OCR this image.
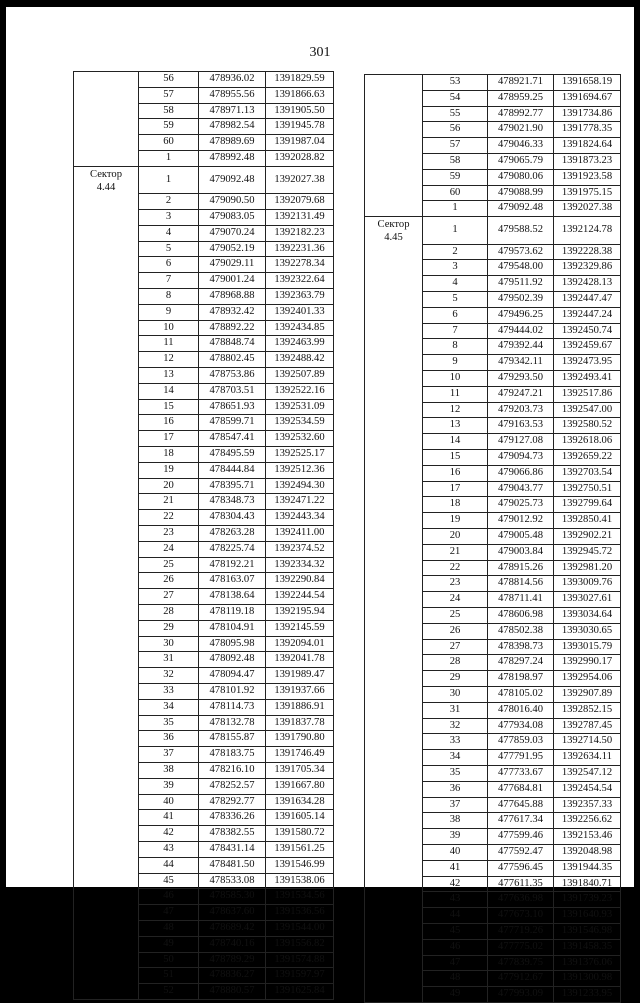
301
	56	478936.02	1391829.59
	57	478955.56	1391866.63
	58	478971.13	1391905.50
	59	478982.54	1391945.78
	60	478989.69	1391987.04
	1	478992.48	1392028.82

Сектор
4.44	1	479092.48	1392027.38
	2	479090.50	1392079.68
	3	479083.05	1392131.49
	4	479070.24	1392182.23
	5	479052.19	1392231.36
	6	479029.11	1392278.34
	7	479001.24	1392322.64
	8	478968.88	1392363.79
	9	478932.42	1392401.33
	10	478892.22	1392434.85
	11	478848.74	1392463.99
	12	478802.45	1392488.42
	13	478753.86	1392507.89
	14	478703.51	1392522.16
	15	478651.93	1392531.09
	16	478599.71	1392534.59
	17	478547.41	1392532.60
	18	478495.59	1392525.17
	19	478444.84	1392512.36
	20	478395.71	1392494.30
	21	478348.73	1392471.22
	22	478304.43	1392443.34
	23	478263.28	1392411.00
	24	478225.74	1392374.52
	25	478192.21	1392334.32
	26	478163.07	1392290.84
	27	478138.64	1392244.54
	28	478119.18	1392195.94
	29	478104.91	1392145.59
	30	478095.98	1392094.01
	31	478092.48	1392041.78
	32	478094.47	1391989.47
	33	478101.92	1391937.66
	34	478114.73	1391886.91
	35	478132.78	1391837.78
	36	478155.87	1391790.80
	37	478183.75	1391746.49
	38	478216.10	1391705.34
	39	478252.57	1391667.80
	40	478292.77	1391634.28
	41	478336.26	1391605.14
	42	478382.55	1391580.72
	43	478431.14	1391561.25
	44	478481.50	1391546.99
	45	478533.08	1391538.06
	46	478585.30	1391534.56
	47	478637.60	1391536.56
	48	478689.42	1391544.00
	49	478740.16	1391556.82
	50	478789.29	1391574.88
	51	478836.27	1391597.97
	52	478880.57	1391625.84
	53	478921.71	1391658.19
	54	478959.25	1391694.67
	55	478992.77	1391734.86
	56	479021.90	1391778.35
	57	479046.33	1391824.64
	58	479065.79	1391873.23
	59	479080.06	1391923.58
	60	479088.99	1391975.15
	1	479092.48	1392027.38

Сектор
4.45	1	479588.52	1392124.78
	2	479573.62	1392228.38
	3	479548.00	1392329.86
	4	479511.92	1392428.13
	5	479502.39	1392447.47
	6	479496.25	1392447.24
	7	479444.02	1392450.74
	8	479392.44	1392459.67
	9	479342.11	1392473.95
	10	479293.50	1392493.41
	11	479247.21	1392517.86
	12	479203.73	1392547.00
	13	479163.53	1392580.52
	14	479127.08	1392618.06
	15	479094.73	1392659.22
	16	479066.86	1392703.54
	17	479043.77	1392750.51
	18	479025.73	1392799.64
	19	479012.92	1392850.41
	20	479005.48	1392902.21
	21	479003.84	1392945.72
	22	478915.26	1392981.20
	23	478814.56	1393009.76
	24	478711.41	1393027.61
	25	478606.98	1393034.64
	26	478502.38	1393030.65
	27	478398.73	1393015.79
	28	478297.24	1392990.17
	29	478198.97	1392954.06
	30	478105.02	1392907.89
	31	478016.40	1392852.15
	32	477934.08	1392787.45
	33	477859.03	1392714.50
	34	477791.95	1392634.11
	35	477733.67	1392547.12
	36	477684.81	1392454.54
	37	477645.88	1392357.33
	38	477617.34	1392256.62
	39	477599.46	1392153.46
	40	477592.47	1392048.98
	41	477596.45	1391944.35
	42	477611.35	1391840.71
	43	477636.98	1391739.23
	44	477673.10	1391640.93
	45	477719.26	1391546.98
	46	477775.02	1391458.35
	47	477839.75	1391376.06
	48	477912.67	1391300.98
	49	477993.09	1391233.95
